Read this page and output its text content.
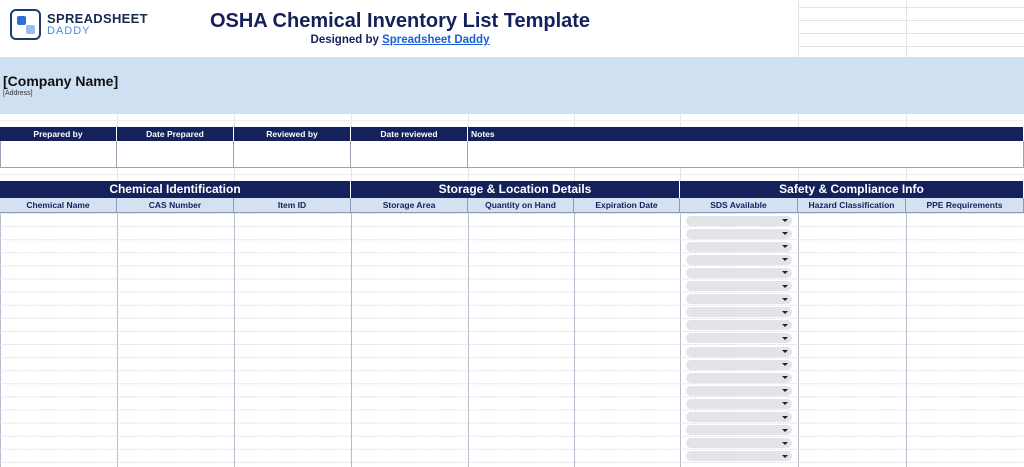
SPREADSHEET
DADDY	OSHA Chemical Inventory List Template
Designed by Spreadsheet Daddy
[Company Name]
[Address]
Prepared by	Date Prepared	Reviewed by	Date reviewed	Notes
Chemical Identification	Storage & Location Details	Safety & Compliance Info
Chemical Name	CAS Number	Item ID	Storage Area	Quantity on Hand	Expiration Date	SDS Available	Hazard Classification	PPE Requirements
